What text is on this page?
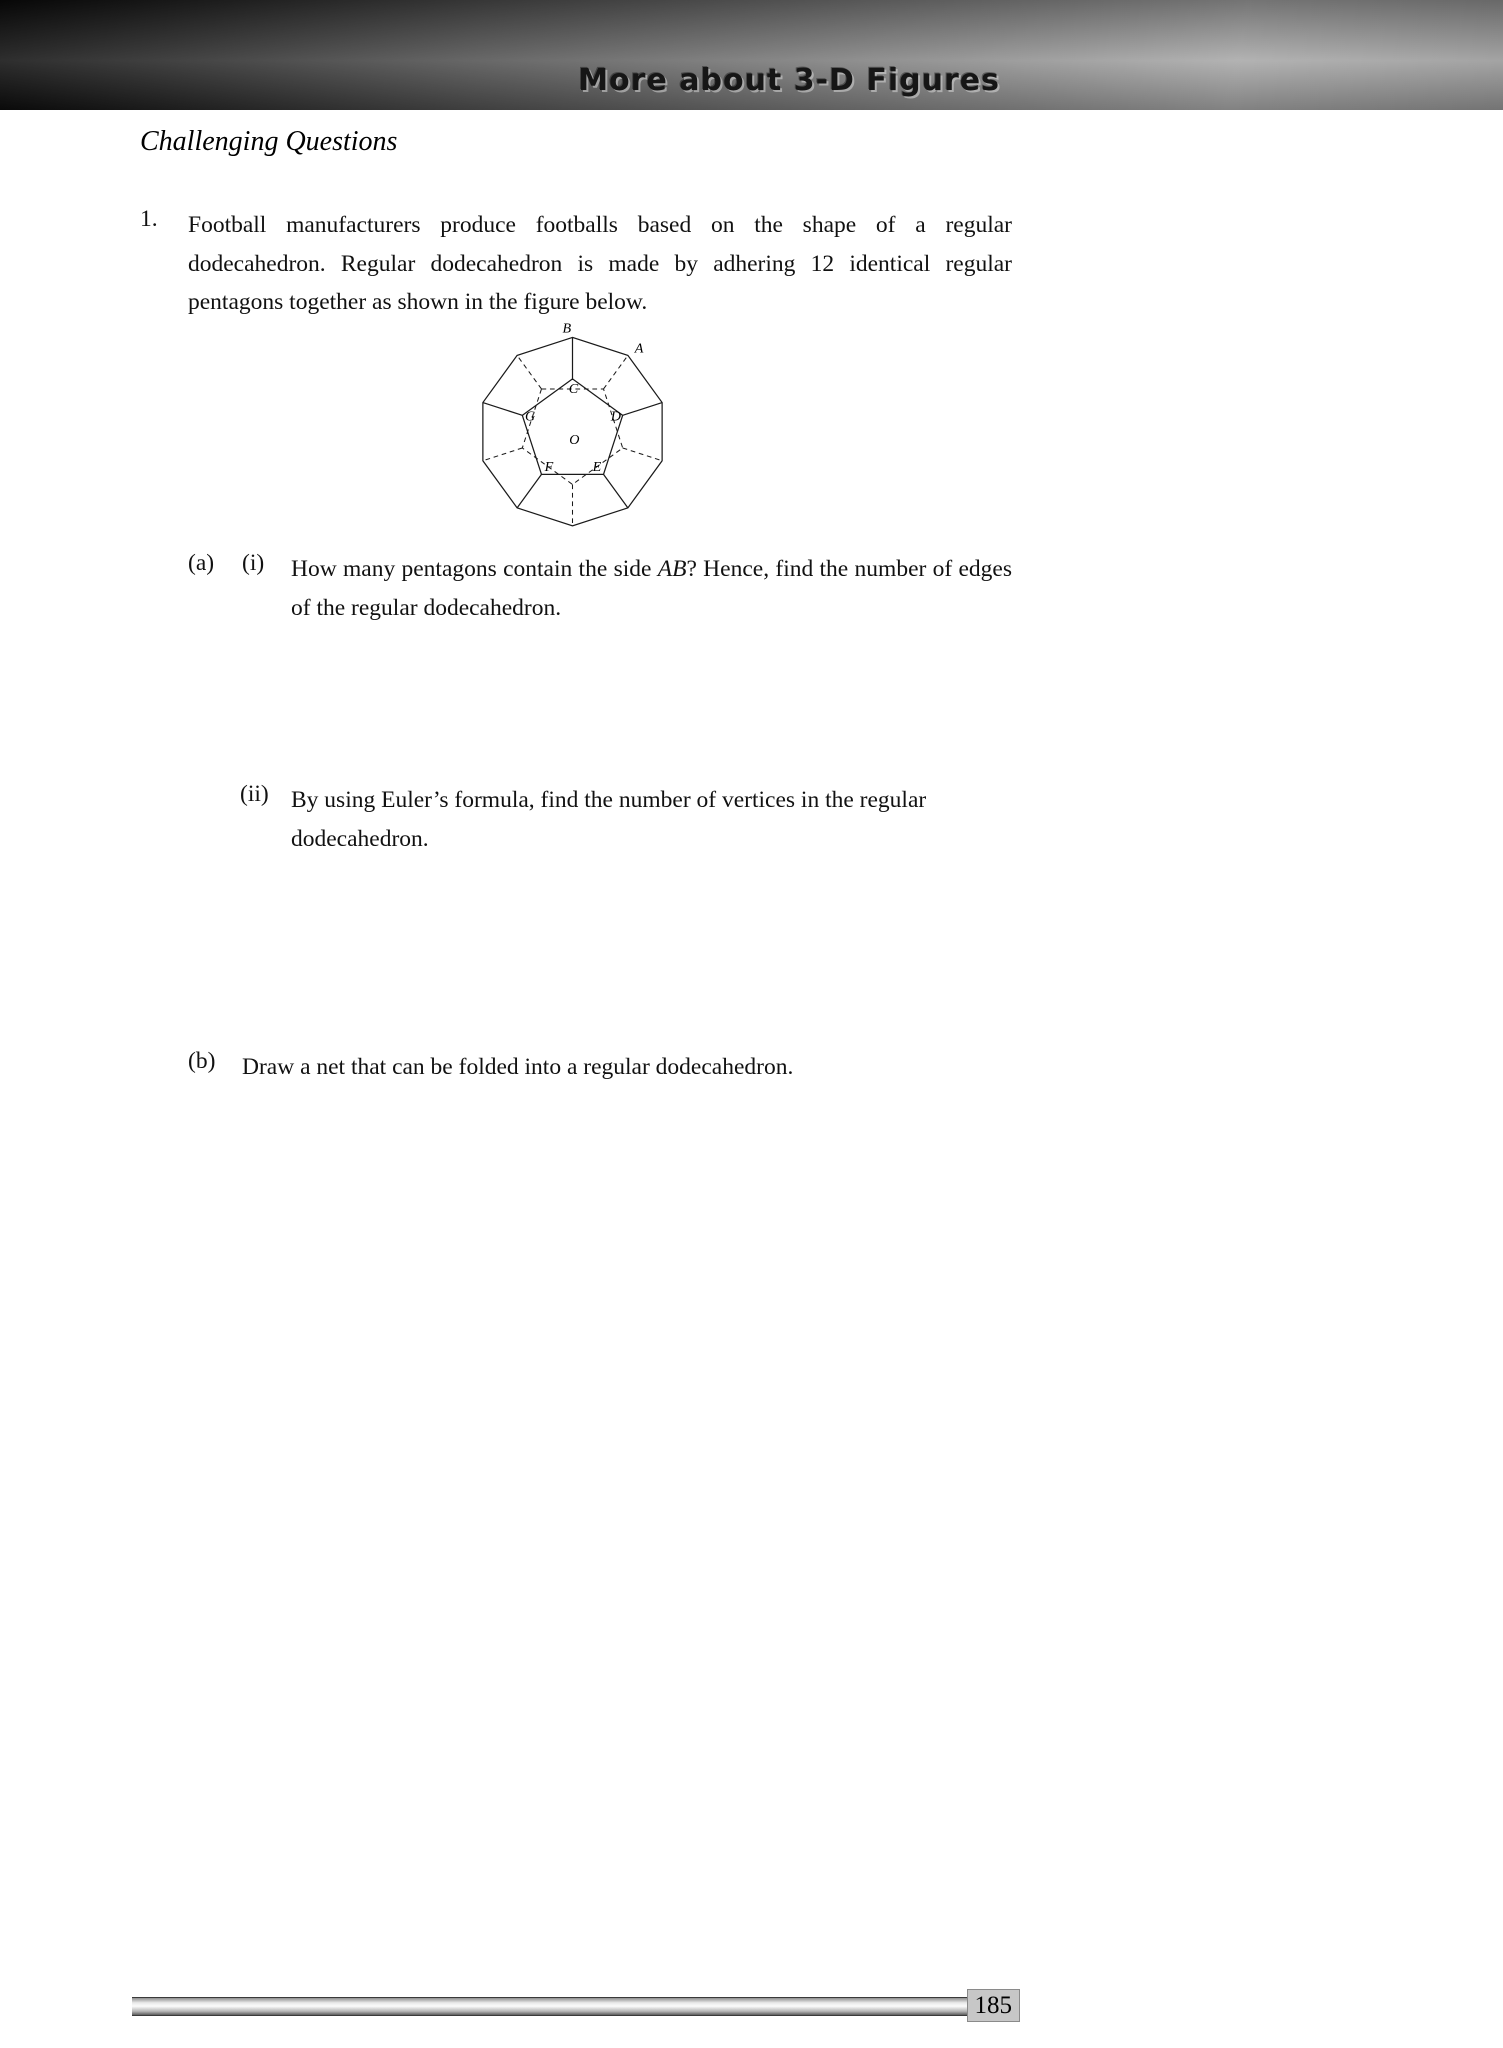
More about 3-D Figures
Challenging Questions
1. Football manufacturers produce footballs based on the shape of a regular dodecahedron. Regular dodecahedron is made by adhering 12 identical regular pentagons together as shown in the figure below.
B
A
C
G	D
O
F	E
(a) (i) How many pentagons contain the side AB? Hence, find the number of edges of the regular dodecahedron.
(ii) By using Euler’s formula, find the number of vertices in the regular dodecahedron.
(b) Draw a net that can be folded into a regular dodecahedron.
185
